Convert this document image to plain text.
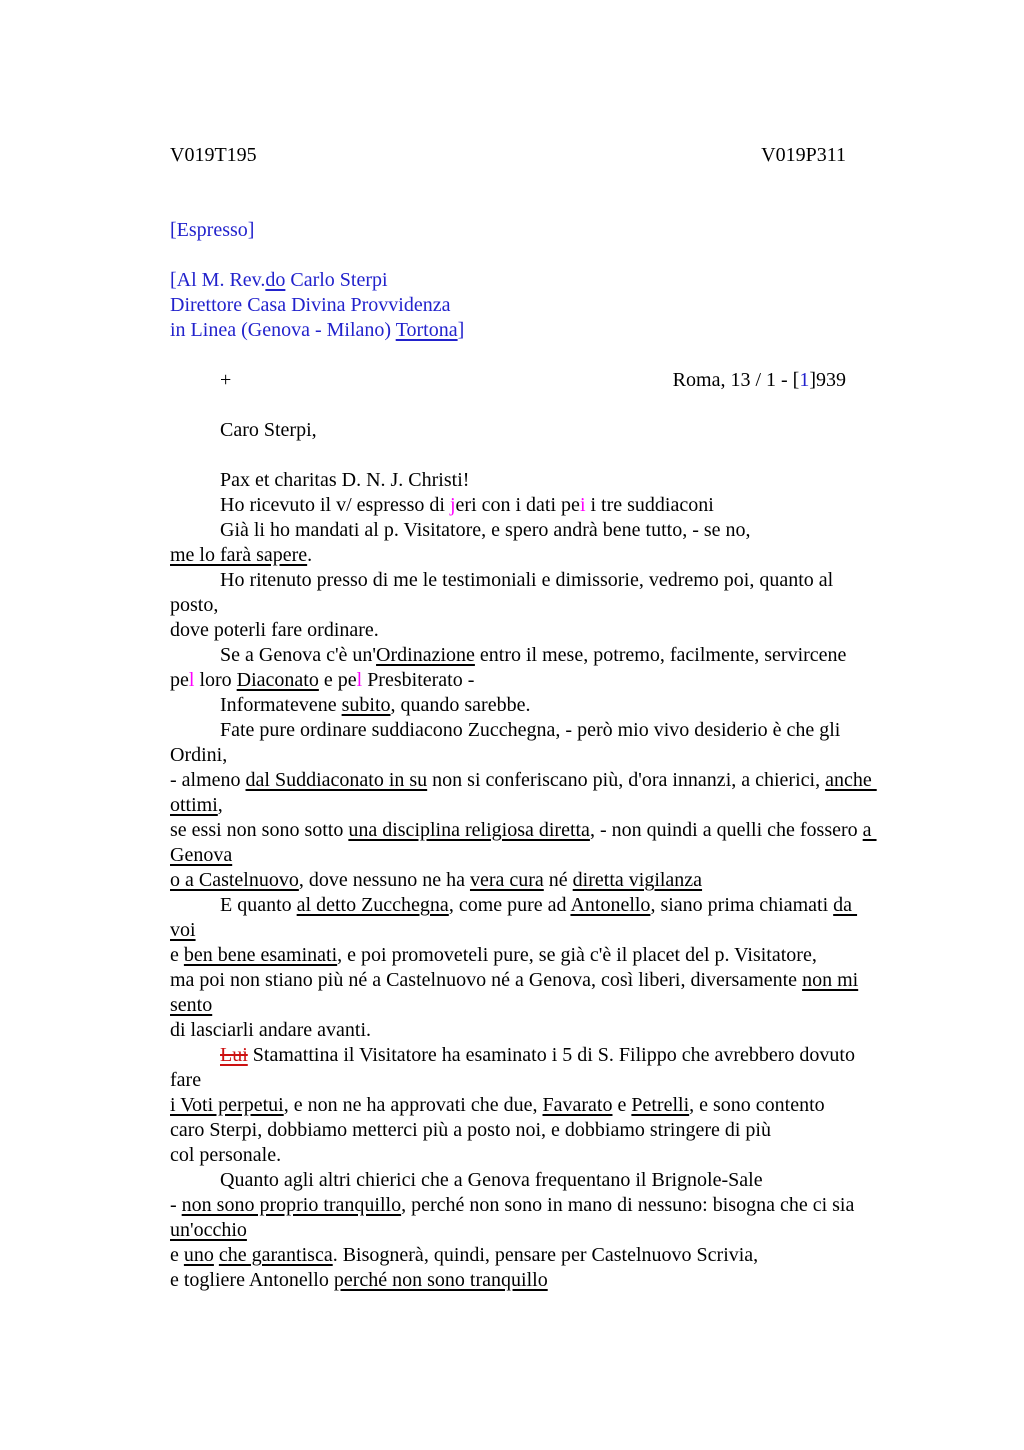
V019T195	V019P311
[Espresso]
[Al M. Rev.do Carlo Sterpi
Direttore Casa Divina Provvidenza
in Linea (Genova - Milano) Tortona]
+	Roma, 13 / 1 - [1]939
Caro Sterpi,
Pax et charitas D. N. J. Christi!
Ho ricevuto il v/ espresso di jeri con i dati pei i tre suddiaconi
Già li ho mandati al p. Visitatore, e spero andrà bene tutto, - se no,
me lo farà sapere.
Ho ritenuto presso di me le testimoniali e dimissorie, vedremo poi, quanto al
posto,
dove poterli fare ordinare.
Se a Genova c'è un'Ordinazione entro il mese, potremo, facilmente, servircene
pel loro Diaconato e pel Presbiterato -
Informatevene subito, quando sarebbe.
Fate pure ordinare suddiacono Zucchegna, - però mio vivo desiderio è che gli
Ordini,
- almeno dal Suddiaconato in su non si conferiscano più, d'ora innanzi, a chierici, anche
ottimi,
se essi non sono sotto una disciplina religiosa diretta, - non quindi a quelli che fossero a
Genova
o a Castelnuovo, dove nessuno ne ha vera cura né diretta vigilanza
E quanto al detto Zucchegna, come pure ad Antonello, siano prima chiamati da
voi
e ben bene esaminati, e poi promoveteli pure, se già c'è il placet del p. Visitatore,
ma poi non stiano più né a Castelnuovo né a Genova, così liberi, diversamente non mi
sento
di lasciarli andare avanti.
Lui Stamattina il Visitatore ha esaminato i 5 di S. Filippo che avrebbero dovuto
fare
i Voti perpetui, e non ne ha approvati che due, Favarato e Petrelli, e sono contento
caro Sterpi, dobbiamo metterci più a posto noi, e dobbiamo stringere di più
col personale.
Quanto agli altri chierici che a Genova frequentano il Brignole-Sale
- non sono proprio tranquillo, perché non sono in mano di nessuno: bisogna che ci sia
un'occhio
e uno che garantisca. Bisognerà, quindi, pensare per Castelnuovo Scrivia,
e togliere Antonello perché non sono tranquillo
